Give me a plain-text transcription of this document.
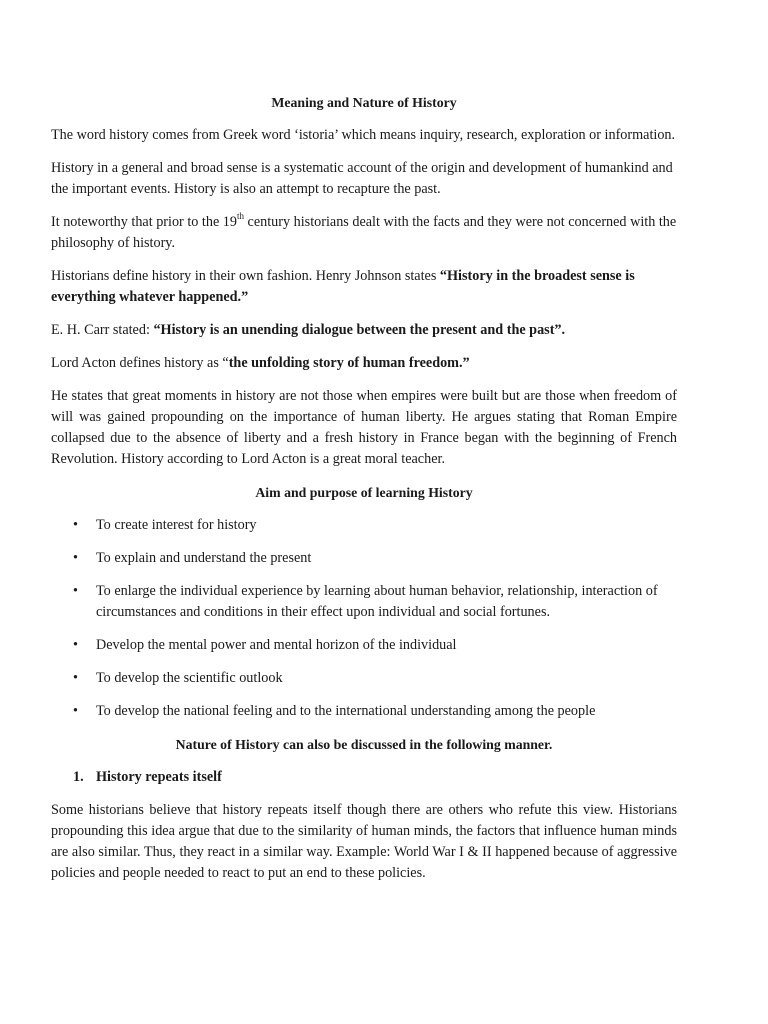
Meaning and Nature of History

The word history comes from Greek word ‘istoria’ which means inquiry, research, exploration or information.

History in a general and broad sense is a systematic account of the origin and development of humankind and the important events. History is also an attempt to recapture the past.

It noteworthy that prior to the 19th century historians dealt with the facts and they were not concerned with the philosophy of history.

Historians define history in their own fashion. Henry Johnson states “History in the broadest sense is everything whatever happened.”

E. H. Carr stated: “History is an unending dialogue between the present and the past”.

Lord Acton defines history as “the unfolding story of human freedom.”

He states that great moments in history are not those when empires were built but are those when freedom of will was gained propounding on the importance of human liberty. He argues stating that Roman Empire collapsed due to the absence of liberty and a fresh history in France began with the beginning of French Revolution. History according to Lord Acton is a great moral teacher.

Aim and purpose of learning History

• To create interest for history
• To explain and understand the present
• To enlarge the individual experience by learning about human behavior, relationship, interaction of circumstances and conditions in their effect upon individual and social fortunes.
• Develop the mental power and mental horizon of the individual
• To develop the scientific outlook
• To develop the national feeling and to the international understanding among the people

Nature of History can also be discussed in the following manner.

1. History repeats itself

Some historians believe that history repeats itself though there are others who refute this view. Historians propounding this idea argue that due to the similarity of human minds, the factors that influence human minds are also similar. Thus, they react in a similar way. Example: World War I & II happened because of aggressive policies and people needed to react to put an end to these policies.
